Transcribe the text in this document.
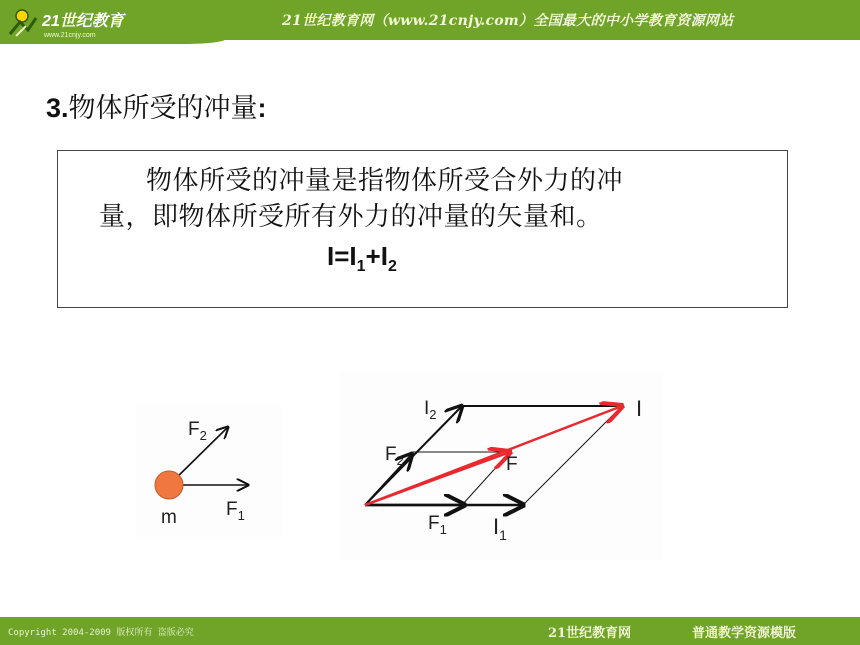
21世纪教育
www.21cnjy.com
21世纪教育网（www.21cnjy.com）全国最大的中小学教育资源网站
3.物体所受的冲量:
物体所受的冲量是指物体所受合外力的冲
量，即物体所受所有外力的冲量的矢量和。
$I=I_1+I_2$
$F_2$
$F_1$
m
$I_2$	I
$F_2$	F
$F_1$ $I_1$
Copyright 2004-2009 版权所有 盗版必究	21世纪教育网	普通教学资源模版
